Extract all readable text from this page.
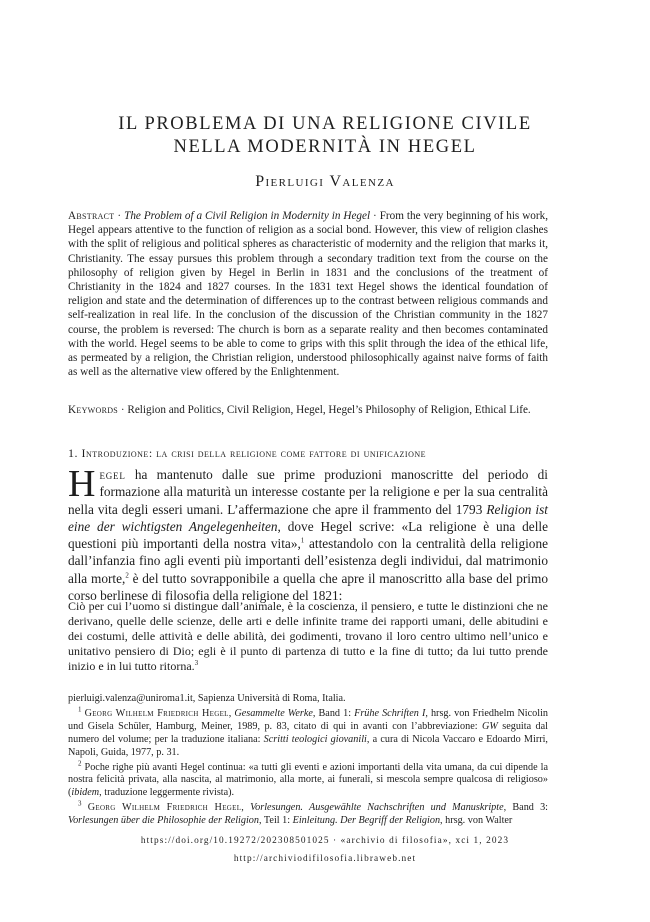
IL PROBLEMA DI UNA RELIGIONE CIVILE
NELLA MODERNITÀ IN HEGEL
Pierluigi Valenza
Abstract · The Problem of a Civil Religion in Modernity in Hegel · From the very beginning of his work, Hegel appears attentive to the function of religion as a social bond. However, this view of religion clashes with the split of religious and political spheres as characteristic of modernity and the religion that marks it, Christianity. The essay pursues this problem through a secondary tradition text from the course on the philosophy of religion given by Hegel in Berlin in 1831 and the conclusions of the treatment of Christianity in the 1824 and 1827 courses. In the 1831 text Hegel shows the identical foundation of religion and state and the determination of differences up to the contrast between religious commands and self-realization in real life. In the conclusion of the discussion of the Christian community in the 1827 course, the problem is reversed: The church is born as a separate reality and then becomes contaminated with the world. Hegel seems to be able to come to grips with this split through the idea of the ethical life, as permeated by a religion, the Christian religion, understood philosophically against naive forms of faith as well as the alternative view offered by the Enlightenment.
Keywords · Religion and Politics, Civil Religion, Hegel, Hegel’s Philosophy of Religion, Ethical Life.
1. Introduzione: la crisi della religione come fattore di unificazione
Hegel ha mantenuto dalle sue prime produzioni manoscritte del periodo di formazione alla maturità un interesse costante per la religione e per la sua centralità nella vita degli esseri umani. L’affermazione che apre il frammento del 1793 Religion ist eine der wichtigsten Angelegenheiten, dove Hegel scrive: «La religione è una delle questioni più importanti della nostra vita»,$^1$ attestandolo con la centralità della religione dall’infanzia fino agli eventi più importanti dell’esistenza degli individui, dal matrimonio alla morte,$^2$ è del tutto sovrapponibile a quella che apre il manoscritto alla base del primo corso berlinese di filosofia della religione del 1821:
Ciò per cui l’uomo si distingue dall’animale, è la coscienza, il pensiero, e tutte le distinzioni che ne derivano, quelle delle scienze, delle arti e delle infinite trame dei rapporti umani, delle abitudini e dei costumi, delle attività e delle abilità, dei godimenti, trovano il loro centro ultimo nell’unico e unitativo pensiero di Dio; egli è il punto di partenza di tutto e la fine di tutto; da lui tutto prende inizio e in lui tutto ritorna.$^3$
pierluigi.valenza@uniroma1.it, Sapienza Università di Roma, Italia.
$^1$ Georg Wilhelm Friedrich Hegel, Gesammelte Werke, Band 1: Frühe Schriften I, hrsg. von Friedhelm Nicolin und Gisela Schüler, Hamburg, Meiner, 1989, p. 83, citato di qui in avanti con l’abbreviazione: GW seguita dal numero del volume; per la traduzione italiana: Scritti teologici giovanili, a cura di Nicola Vaccaro e Edoardo Mirri, Napoli, Guida, 1977, p. 31.
$^2$ Poche righe più avanti Hegel continua: «a tutti gli eventi e azioni importanti della vita umana, da cui dipende la nostra felicità privata, alla nascita, al matrimonio, alla morte, ai funerali, si mescola sempre qualcosa di religioso» (ibidem, traduzione leggermente rivista).
$^3$ Georg Wilhelm Friedrich Hegel, Vorlesungen. Ausgewählte Nachschriften und Manuskripte, Band 3: Vorlesungen über die Philosophie der Religion, Teil 1: Einleitung. Der Begriff der Religion, hrsg. von Walter
https://doi.org/10.19272/202308501025 · «archivio di filosofia», xci 1, 2023
http://archiviodifilosofia.libraweb.net
